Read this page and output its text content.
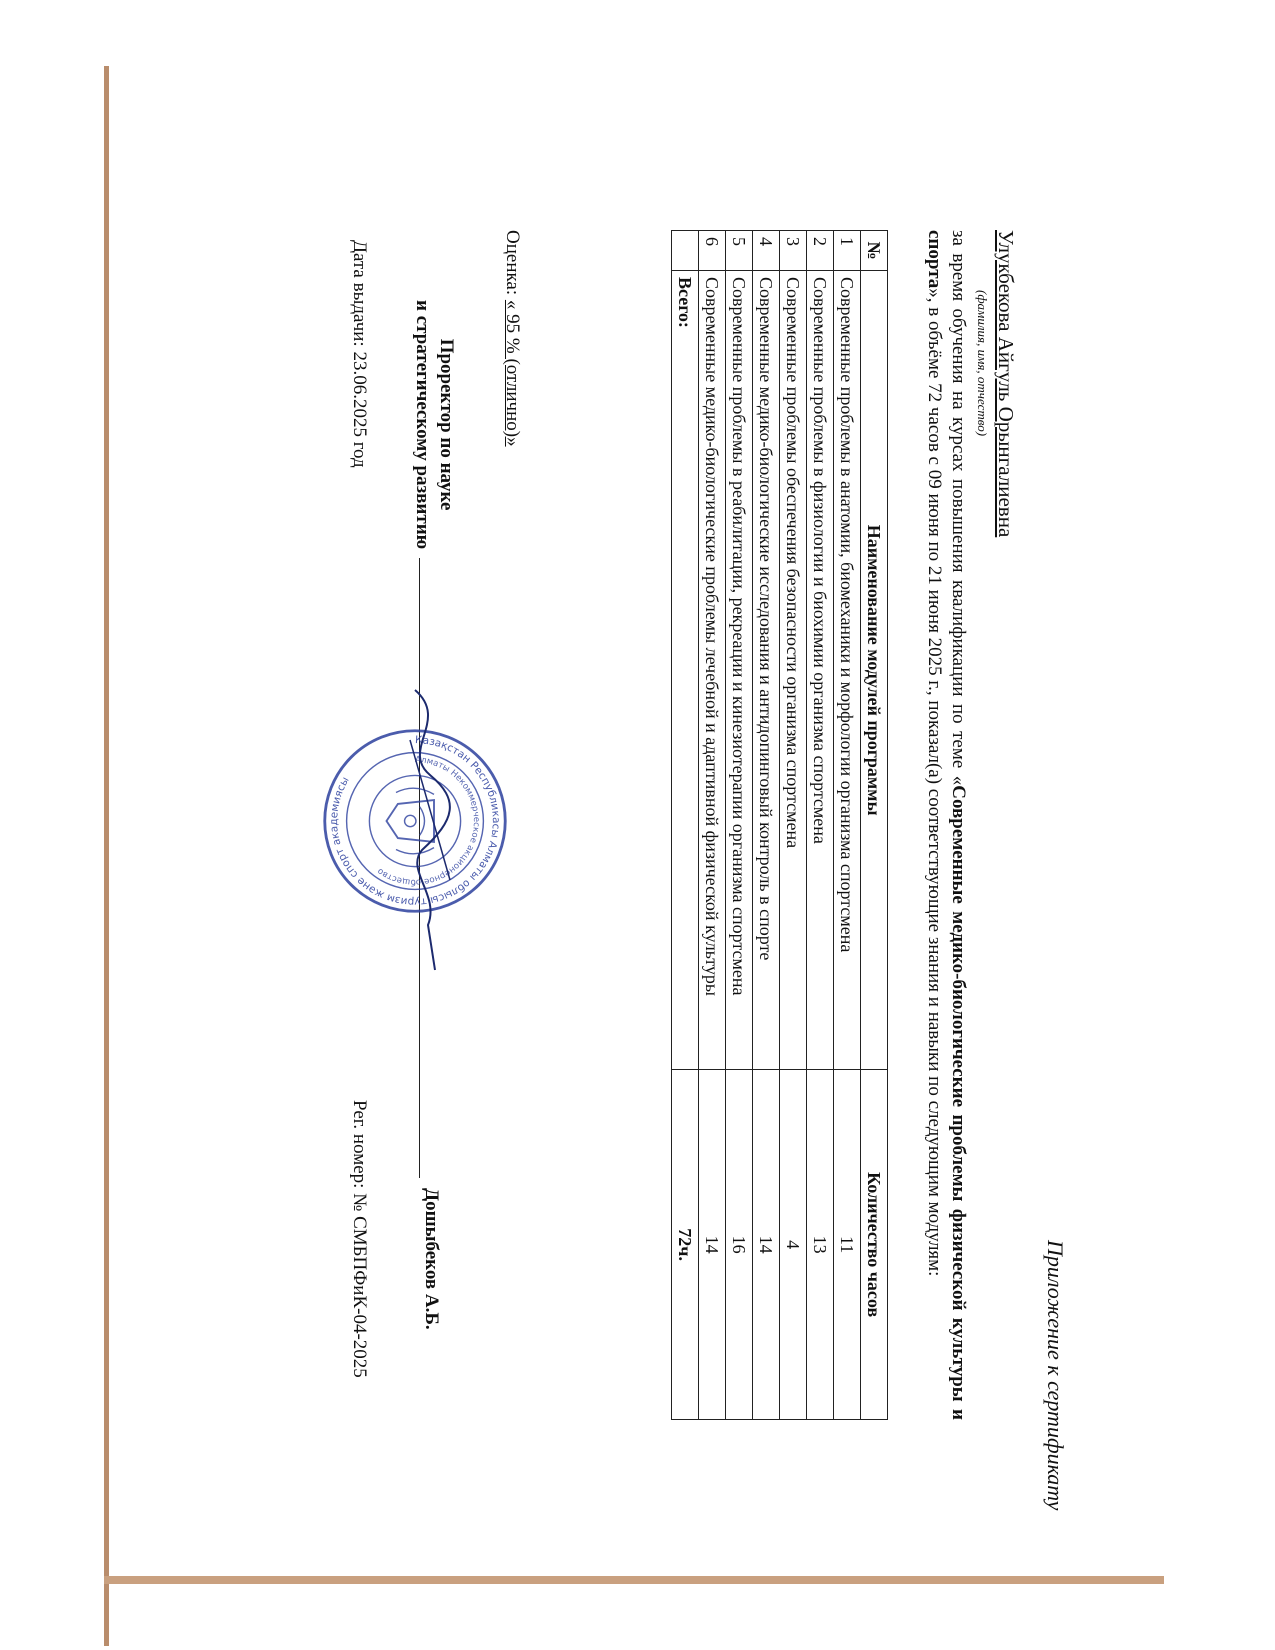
Приложение к сертификату
Улукбекова Айгуль Орынгалиевна
(фамилия, имя, отчество)
за время обучения на курсах повышения квалификации по теме «Современные медико-биологические проблемы физической культуры и спорта», в объёме 72 часов с 09 июня по 21 июня 2025 г., показал(а) соответствующие знания и навыки по следующим модулям:
№	Наименование модулей программы	Количество часов
1	Современные проблемы в анатомии, биомеханики и морфологии организма спортсмена	11
2	Современные проблемы в физиологии и биохимии организма спортсмена	13
3	Современные проблемы обеспечения безопасности организма спортсмена	4
4	Современные медико-биологические исследования и антидопинговый контроль в спорте	14
5	Современные проблемы в реабилитации, рекреации и кинезиотерапии организма спортсмена	16
6	Современные медико-биологические проблемы лечебной и адаптивной физической культуры	14
	Всего:	72ч.
Оценка: « 95 % (отлично)»
Проректор по науке
и стратегическому развитию
Дошыбеков А.Б.
Қазақстан Республикасы Алматы облысы туризм және спорт академиясы
Алматы Некоммерческое акционерное общество
Дата выдачи: 23.06.2025 год
Рег. номер: № СМБПФиК-04-2025
